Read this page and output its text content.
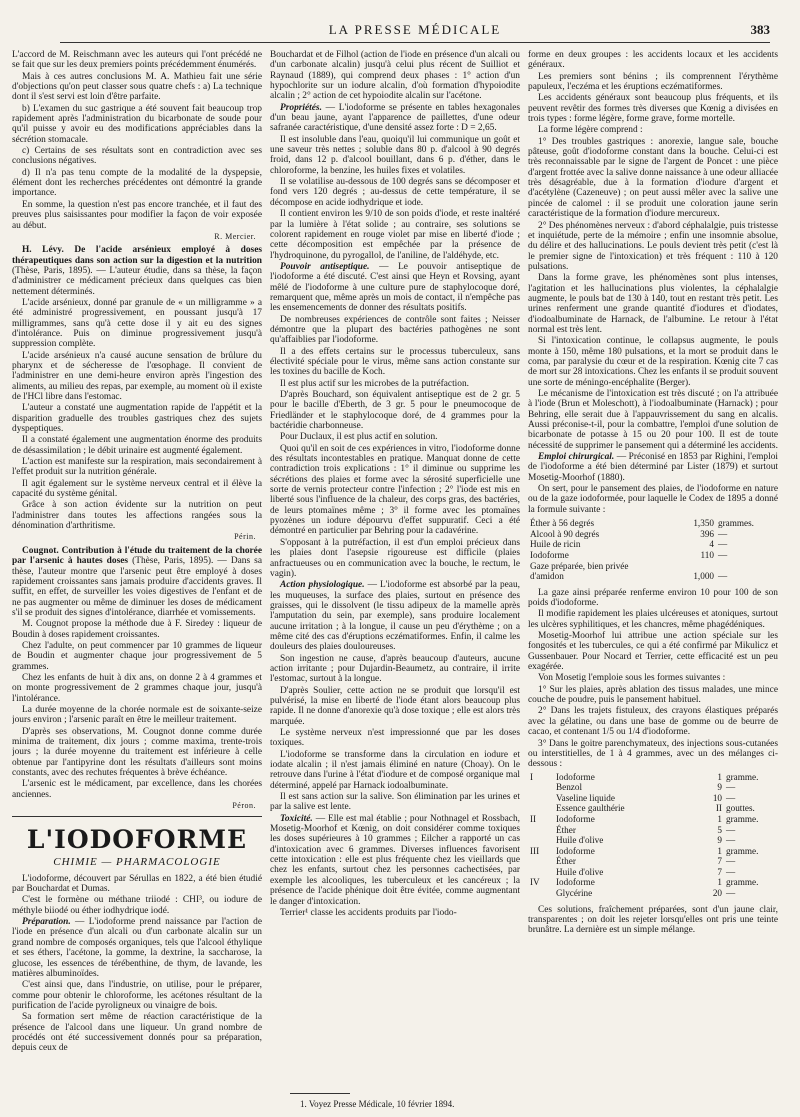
LA PRESSE MÉDICALE	383

L'accord de M. Reischmann avec les auteurs qui l'ont précédé ne se fait que sur les deux premiers points précédemment énumérés.

Mais à ces autres conclusions M. A. Mathieu fait une série d'objections qu'on peut classer sous quatre chefs : a) La technique dont il s'est servi est loin d'être parfaite.

b) L'examen du suc gastrique a été souvent fait beaucoup trop rapidement après l'administration du bicarbonate de soude pour qu'il puisse y avoir eu des modifications appréciables dans la sécrétion stomacale.

c) Certains de ses résultats sont en contradiction avec ses conclusions négatives.

d) Il n'a pas tenu compte de la modalité de la dyspepsie, élément dont les recherches précédentes ont démontré la grande importance.

En somme, la question n'est pas encore tranchée, et il faut des preuves plus saisissantes pour modifier la façon de voir exposée au début.

R. Mercier.

H. Lévy. De l'acide arsénieux employé à doses thérapeutiques dans son action sur la digestion et la nutrition (Thèse, Paris, 1895). — L'auteur étudie, dans sa thèse, la façon d'administrer ce médicament précieux dans quelques cas bien nettement déterminés.

L'acide arsénieux, donné par granule de « un milligramme » a été administré progressivement, en poussant jusqu'à 17 milligrammes, sans qu'à cette dose il y ait eu des signes d'intolérance. Puis on diminue progressivement jusqu'à suppression complète.

L'acide arsénieux n'a causé aucune sensation de brûlure du pharynx et de sécheresse de l'œsophage. Il convient de l'administrer en une demi-heure environ après l'ingestion des aliments, au milieu des repas, par exemple, au moment où il existe de l'HCl libre dans l'estomac.

L'auteur a constaté une augmentation rapide de l'appétit et la disparition graduelle des troubles gastriques chez des sujets dyspeptiques.

Il a constaté également une augmentation énorme des produits de désassimilation ; le débit urinaire est augmenté également.

L'action est manifeste sur la respiration, mais secondairement à l'effet produit sur la nutrition générale.

Il agit également sur le système nerveux central et il élève la capacité du système génital.

Grâce à son action évidente sur la nutrition on peut l'administrer dans toutes les affections rangées sous la dénomination d'arthritisme.

Périn.

Cougnot. Contribution à l'étude du traitement de la chorée par l'arsenic à hautes doses (Thèse, Paris, 1895). — Dans sa thèse, l'auteur montre que l'arsenic peut être employé à doses rapidement croissantes sans jamais produire d'accidents graves. Il suffit, en effet, de surveiller les voies digestives de l'enfant et de ne pas augmenter ou même de diminuer les doses de médicament s'il se produit des signes d'intolérance, diarrhée et vomissements.

M. Cougnot propose la méthode due à F. Siredey : liqueur de Boudin à doses rapidement croissantes.

Chez l'adulte, on peut commencer par 10 grammes de liqueur de Boudin et augmenter chaque jour progressivement de 5 grammes.

Chez les enfants de huit à dix ans, on donne 2 à 4 grammes et on monte progressivement de 2 grammes chaque jour, jusqu'à l'intolérance.

La durée moyenne de la chorée normale est de soixante-seize jours environ ; l'arsenic paraît en être le meilleur traitement.

D'après ses observations, M. Cougnot donne comme durée minima de traitement, dix jours ; comme maxima, trente-trois jours ; la durée moyenne du traitement est inférieure à celle obtenue par l'antipyrine dont les résultats d'ailleurs sont moins constants, avec des rechutes fréquentes à brève échéance.

L'arsenic est le médicament, par excellence, dans les chorées anciennes.

Péron.
L'IODOFORME
CHIMIE — PHARMACOLOGIE

L'iodoforme, découvert par Sérullas en 1822, a été bien étudié par Bouchardat et Dumas.

C'est le formène ou méthane triiodé : CHI³, ou iodure de méthyle biiodé ou éther iodhydrique iodé.

Préparation. — L'iodoforme prend naissance par l'action de l'iode en présence d'un alcali ou d'un carbonate alcalin sur un grand nombre de composés organiques, tels que l'alcool éthylique et ses éthers, l'acétone, la gomme, la dextrine, la saccharose, la glucose, les essences de térébenthine, de thym, de lavande, les matières albuminoïdes.

C'est ainsi que, dans l'industrie, on utilise, pour le préparer, comme pour obtenir le chloroforme, les acétones résultant de la purification de l'acide pyroligneux ou vinaigre de bois.

Sa formation sert même de réaction caractéristique de la présence de l'alcool dans une liqueur. Un grand nombre de procédés ont été successivement donnés pour sa préparation, depuis ceux de

Bouchardat et de Filhol (action de l'iode en présence d'un alcali ou d'un carbonate alcalin) jusqu'à celui plus récent de Suilliot et Raynaud (1889), qui comprend deux phases : 1° action d'un hypochlorite sur un iodure alcalin, d'où formation d'hypoiodite alcalin ; 2° action de cet hypoiodite alcalin sur l'acétone.

Propriétés. — L'iodoforme se présente en tables hexagonales d'un beau jaune, ayant l'apparence de paillettes, d'une odeur safranée caractéristique, d'une densité assez forte : D = 2,65.

Il est insoluble dans l'eau, quoiqu'il lui communique un goût et une saveur très nettes ; soluble dans 80 p. d'alcool à 90 degrés froid, dans 12 p. d'alcool bouillant, dans 6 p. d'éther, dans le chloroforme, la benzine, les huiles fixes et volatiles.

Il se volatilise au-dessous de 100 degrés sans se décomposer et fond vers 120 degrés ; au-dessus de cette température, il se décompose en acide iodhydrique et iode.

Il contient environ les 9/10 de son poids d'iode, et reste inaltéré par la lumière à l'état solide ; au contraire, ses solutions se colorent rapidement en rouge violet par mise en liberté d'iode ; cette décomposition est empêchée par la présence de l'hydroquinone, du pyrogallol, de l'aniline, de l'aldéhyde, etc.

Pouvoir antiseptique. — Le pouvoir antiseptique de l'iodoforme a été discuté. C'est ainsi que Heyn et Rovsing, ayant mêlé de l'iodoforme à une culture pure de staphylocoque doré, remarquent que, même après un mois de contact, il n'empêche pas les ensemencements de donner des résultats positifs.

De nombreuses expériences de contrôle sont faites ; Neisser démontre que la plupart des bactéries pathogènes ne sont qu'affaiblies par l'iodoforme.

Il a des effets certains sur le processus tuberculeux, sans électivité spéciale pour le virus, même sans action constante sur les toxines du bacille de Koch.

Il est plus actif sur les microbes de la putréfaction.

D'après Bouchard, son équivalent antiseptique est de 2 gr. 5 pour le bacille d'Eberth, de 3 gr. 5 pour le pneumocoque de Friedländer et le staphylocoque doré, de 4 grammes pour la bactéridie charbonneuse.

Pour Duclaux, il est plus actif en solution.

Quoi qu'il en soit de ces expériences in vitro, l'iodoforme donne des résultats incontestables en pratique. Manquat donne de cette contradiction trois explications : 1° il diminue ou supprime les sécrétions des plaies et forme avec la sérosité superficielle une sorte de vernis protecteur contre l'infection ; 2° l'iode est mis en liberté sous l'influence de la chaleur, des corps gras, des bactéries, de leurs ptomaïnes même ; 3° il forme avec les ptomaïnes pyozènes un iodure dépourvu d'effet suppuratif. Ceci a été démontré en particulier par Behring pour la cadavérine.

S'opposant à la putréfaction, il est d'un emploi précieux dans les plaies dont l'asepsie rigoureuse est difficile (plaies anfractueuses ou en communication avec la bouche, le rectum, le vagin).

Action physiologique. — L'iodoforme est absorbé par la peau, les muqueuses, la surface des plaies, surtout en présence des graisses, qui le dissolvent (le tissu adipeux de la mamelle après l'amputation du sein, par exemple), sans produire localement aucune irritation ; à la longue, il cause un peu d'érythème ; on a même cité des cas d'éruptions eczématiformes. Enfin, il calme les douleurs des plaies douloureuses.

Son ingestion ne cause, d'après beaucoup d'auteurs, aucune action irritante ; pour Dujardin-Beaumetz, au contraire, il irrite l'estomac, surtout à la longue.

D'après Soulier, cette action ne se produit que lorsqu'il est pulvérisé, la mise en liberté de l'iode étant alors beaucoup plus rapide. Il ne donne d'anorexie qu'à dose toxique ; elle est alors très marquée.

Le système nerveux n'est impressionné que par les doses toxiques.

L'iodoforme se transforme dans la circulation en iodure et iodate alcalin ; il n'est jamais éliminé en nature (Choay). On le retrouve dans l'urine à l'état d'iodure et de composé organique mal déterminé, appelé par Harnack iodoalbuminate.

Il est sans action sur la salive. Son élimination par les urines et par la salive est lente.

Toxicité. — Elle est mal établie ; pour Nothnagel et Rossbach, Mosetig-Moorhof et Kœnig, on doit considérer comme toxiques les doses supérieures à 10 grammes ; Eilcher a rapporté un cas d'intoxication avec 6 grammes. Diverses influences favorisent cette intoxication : elle est plus fréquente chez les vieillards que chez les enfants, surtout chez les personnes cachectisées, par exemple les alcooliques, les tuberculeux et les cancéreux ; la présence de l'acide phénique doit être évitée, comme augmentant le danger d'intoxication.

Terrier¹ classe les accidents produits par l'iodo-

1. Voyez Presse Médicale, 10 février 1894.

forme en deux groupes : les accidents locaux et les accidents généraux.

Les premiers sont bénins ; ils comprennent l'érythème papuleux, l'eczéma et les éruptions eczématiformes.

Les accidents généraux sont beaucoup plus fréquents, et ils peuvent revêtir des formes très diverses que Kœnig a divisées en trois types : forme légère, forme grave, forme mortelle.

La forme légère comprend :

1° Des troubles gastriques : anorexie, langue sale, bouche pâteuse, goût d'iodoforme constant dans la bouche. Celui-ci est très reconnaissable par le signe de l'argent de Poncet : une pièce d'argent frottée avec la salive donne naissance à une odeur alliacée très désagréable, due à la formation d'iodure d'argent et d'acétylène (Cazeneuve) ; on peut aussi mêler avec la salive une pincée de calomel : il se produit une coloration jaune serin caractéristique de la formation d'iodure mercureux.

2° Des phénomènes nerveux : d'abord céphalalgie, puis tristesse et inquiétude, perte de la mémoire ; enfin une insomnie absolue, du délire et des hallucinations. Le pouls devient très petit (c'est là le premier signe de l'intoxication) et très fréquent : 110 à 120 pulsations.

Dans la forme grave, les phénomènes sont plus intenses, l'agitation et les hallucinations plus violentes, la céphalalgie augmente, le pouls bat de 130 à 140, tout en restant très petit. Les urines renferment une grande quantité d'iodures et d'iodates, d'iodoalbuminate de Harnack, de l'albumine. Le retour à l'état normal est très lent.

Si l'intoxication continue, le collapsus augmente, le pouls monte à 150, même 180 pulsations, et la mort se produit dans le coma, par paralysie du cœur et de la respiration. Kœnig cite 7 cas de mort sur 28 intoxications. Chez les enfants il se produit souvent une sorte de méningo-encéphalite (Berger).

Le mécanisme de l'intoxication est très discuté ; on l'a attribuée à l'iode (Brun et Moleschott), à l'iodoalbuminate (Harnack) ; pour Behring, elle serait due à l'appauvrissement du sang en alcalis. Aussi préconise-t-il, pour la combattre, l'emploi d'une solution de bicarbonate de potasse à 15 ou 20 pour 100. Il est de toute nécessité de supprimer le pansement qui a déterminé les accidents.

Emploi chirurgical. — Préconisé en 1853 par Righini, l'emploi de l'iodoforme a été bien déterminé par Lister (1879) et surtout Mosetig-Moorhof (1880).

On sert, pour le pansement des plaies, de l'iodoforme en nature ou de la gaze iodoformée, pour laquelle le Codex de 1895 a donné la formule suivante :

Éther à 56 degrés	1,350	grammes.
Alcool à 90 degrés	396	—
Huile de ricin	4	—
Iodoforme	110	—
Gaze préparée, bien privée		
d'amidon	1,000	—

La gaze ainsi préparée renferme environ 10 pour 100 de son poids d'iodoforme.

Il modifie rapidement les plaies ulcéreuses et atoniques, surtout les ulcères syphilitiques, et les chancres, même phagédéniques.

Mosetig-Moorhof lui attribue une action spéciale sur les fongosités et les tubercules, ce qui a été confirmé par Mikulicz et Gussenbauer. Pour Nocard et Terrier, cette efficacité est un peu exagérée.

Von Mosetig l'emploie sous les formes suivantes :

1° Sur les plaies, après ablation des tissus malades, une mince couche de poudre, puis le pansement habituel.

2° Dans les trajets fistuleux, des crayons élastiques préparés avec la gélatine, ou dans une base de gomme ou de beurre de cacao, et contenant 1/5 ou 1/4 d'iodoforme.

3° Dans le goitre parenchymateux, des injections sous-cutanées ou interstitielles, de 1 à 4 grammes, avec un des mélanges ci-dessous :

I	Iodoforme	1	gramme.
	Benzol	9	—
	Vaseline liquide	10	—
	Essence gaulthérie	II	gouttes.
II	Iodoforme	1	gramme.
	Éther	5	—
	Huile d'olive	9	—
III	Iodoforme	1	gramme.
	Éther	7	—
	Huile d'olive	7	—
IV	Iodoforme	1	gramme.
	Glycérine	20	—

Ces solutions, fraîchement préparées, sont d'un jaune clair, transparentes ; on doit les rejeter lorsqu'elles ont pris une teinte brunâtre. La dernière est un simple mélange.
